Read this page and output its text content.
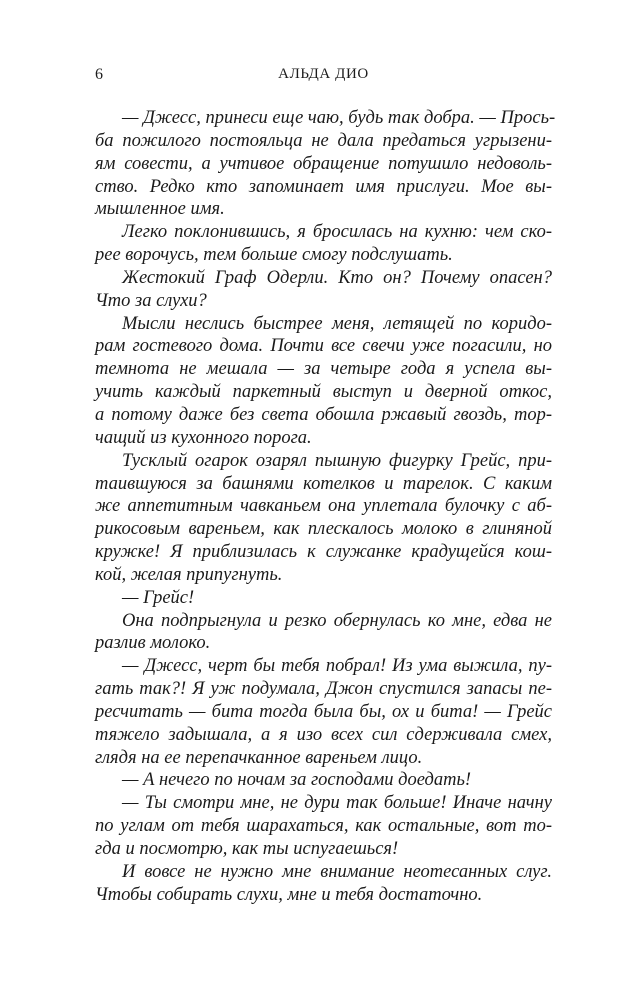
6	АЛЬДА ДИО

— Джесс, принеси еще чаю, будь так добра. — Прось-
ба пожилого постояльца не дала предаться угрызени-
ям совести, а учтивое обращение потушило недоволь-
ство. Редко кто запоминает имя прислуги. Мое вы-
мышленное имя.

Легко поклонившись, я бросилась на кухню: чем ско-
рее ворочусь, тем больше смогу подслушать.

Жестокий Граф Одерли. Кто он? Почему опасен?
Что за слухи?

Мысли неслись быстрее меня, летящей по коридо-
рам гостевого дома. Почти все свечи уже погасили, но
темнота не мешала — за четыре года я успела вы-
учить каждый паркетный выступ и дверной откос,
а потому даже без света обошла ржавый гвоздь, тор-
чащий из кухонного порога.

Тусклый огарок озарял пышную фигурку Грейс, при-
таившуюся за башнями котелков и тарелок. С каким
же аппетитным чавканьем она уплетала булочку с аб-
рикосовым вареньем, как плескалось молоко в глиняной
кружке! Я приблизилась к служанке крадущейся кош-
кой, желая припугнуть.

— Грейс!

Она подпрыгнула и резко обернулась ко мне, едва не
разлив молоко.

— Джесс, черт бы тебя побрал! Из ума выжила, пу-
гать так?! Я уж подумала, Джон спустился запасы пе-
ресчитать — бита тогда была бы, ох и бита! — Грейс
тяжело задышала, а я изо всех сил сдерживала смех,
глядя на ее перепачканное вареньем лицо.

— А нечего по ночам за господами доедать!

— Ты смотри мне, не дури так больше! Иначе начну
по углам от тебя шарахаться, как остальные, вот то-
гда и посмотрю, как ты испугаешься!

И вовсе не нужно мне внимание неотесанных слуг.
Чтобы собирать слухи, мне и тебя достаточно.
